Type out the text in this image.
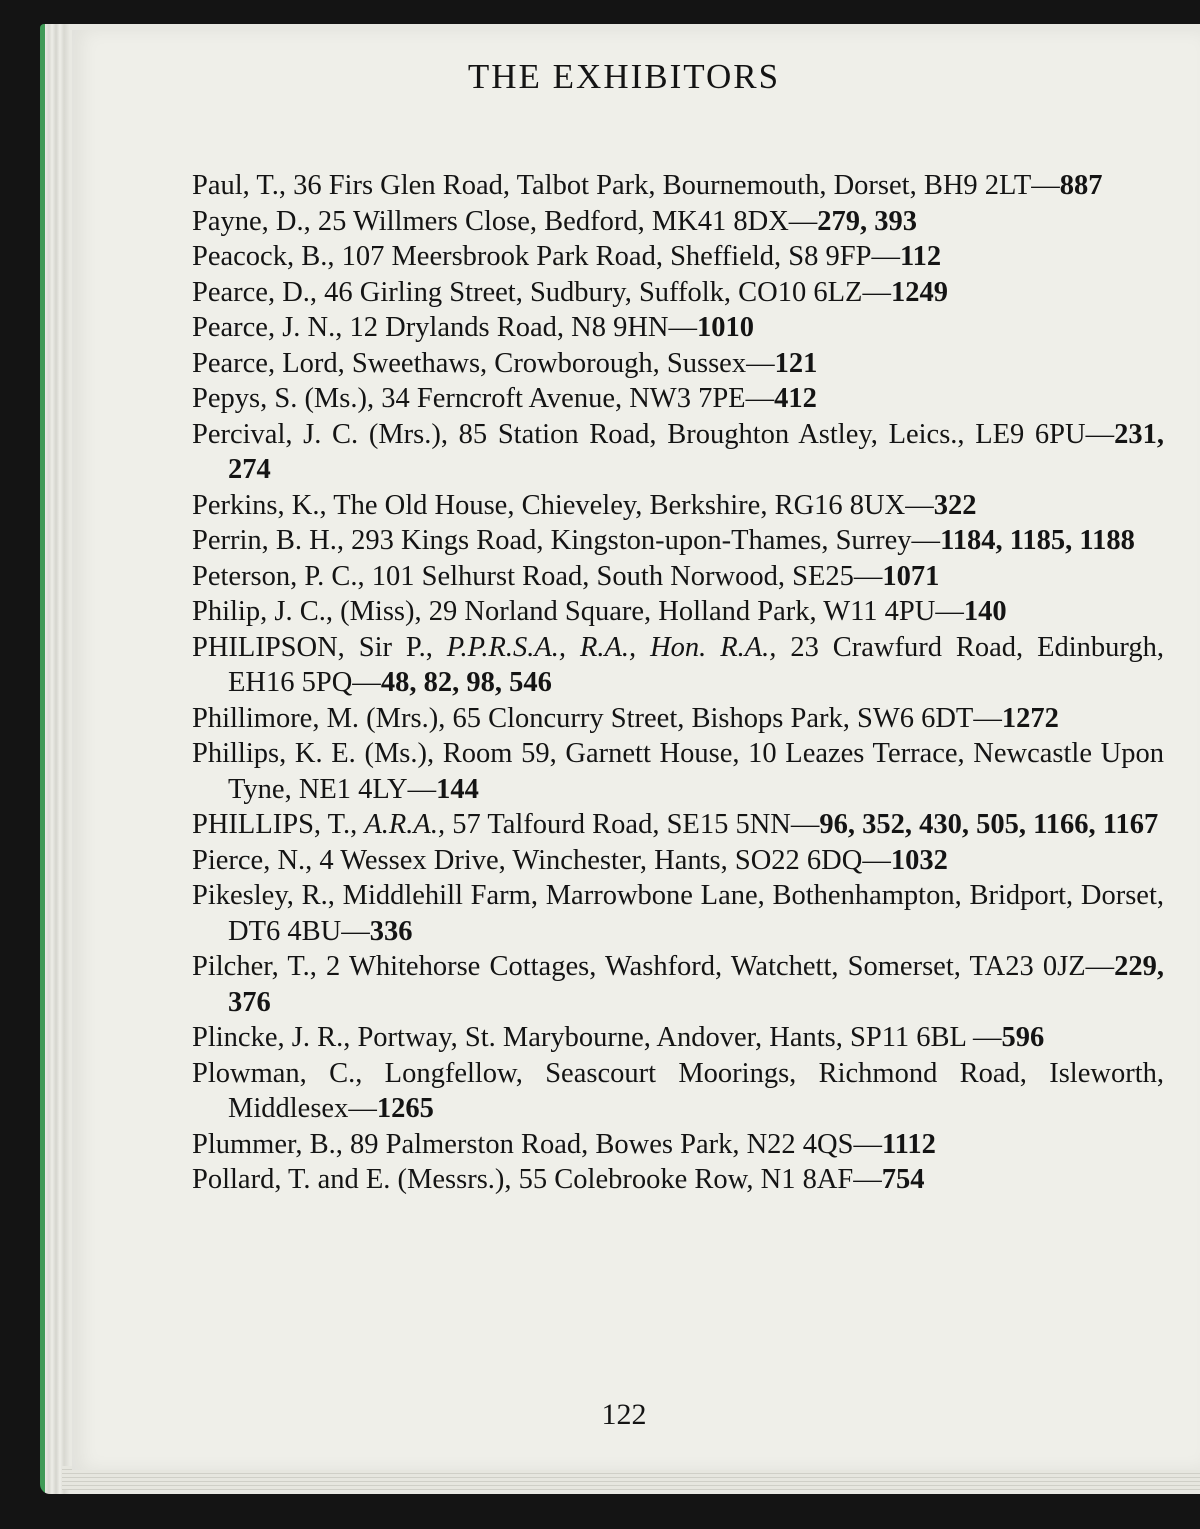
THE EXHIBITORS

Paul, T., 36 Firs Glen Road, Talbot Park, Bournemouth, Dorset, BH9 2LT—887

Payne, D., 25 Willmers Close, Bedford, MK41 8DX—279, 393

Peacock, B., 107 Meersbrook Park Road, Sheffield, S8 9FP—112

Pearce, D., 46 Girling Street, Sudbury, Suffolk, CO10 6LZ—1249

Pearce, J. N., 12 Drylands Road, N8 9HN—1010

Pearce, Lord, Sweethaws, Crowborough, Sussex—121

Pepys, S. (Ms.), 34 Ferncroft Avenue, NW3 7PE—412

Percival, J. C. (Mrs.), 85 Station Road, Broughton Astley, Leics., LE9 6PU—231, 274

Perkins, K., The Old House, Chieveley, Berkshire, RG16 8UX—322

Perrin, B. H., 293 Kings Road, Kingston-upon-Thames, Surrey—1184, 1185, 1188

Peterson, P. C., 101 Selhurst Road, South Norwood, SE25—1071

Philip, J. C., (Miss), 29 Norland Square, Holland Park, W11 4PU—140

PHILIPSON, Sir P., P.P.R.S.A., R.A., Hon. R.A., 23 Crawfurd Road, Edinburgh, EH16 5PQ—48, 82, 98, 546

Phillimore, M. (Mrs.), 65 Cloncurry Street, Bishops Park, SW6 6DT—1272

Phillips, K. E. (Ms.), Room 59, Garnett House, 10 Leazes Terrace, Newcastle Upon Tyne, NE1 4LY—144

PHILLIPS, T., A.R.A., 57 Talfourd Road, SE15 5NN—96, 352, 430, 505, 1166, 1167

Pierce, N., 4 Wessex Drive, Winchester, Hants, SO22 6DQ—1032

Pikesley, R., Middlehill Farm, Marrowbone Lane, Bothenhampton, Bridport, Dorset, DT6 4BU—336

Pilcher, T., 2 Whitehorse Cottages, Washford, Watchett, Somerset, TA23 0JZ—229, 376

Plincke, J. R., Portway, St. Marybourne, Andover, Hants, SP11 6BL —596

Plowman, C., Longfellow, Seascourt Moorings, Richmond Road, Isleworth, Middlesex—1265

Plummer, B., 89 Palmerston Road, Bowes Park, N22 4QS—1112

Pollard, T. and E. (Messrs.), 55 Colebrooke Row, N1 8AF—754

122
